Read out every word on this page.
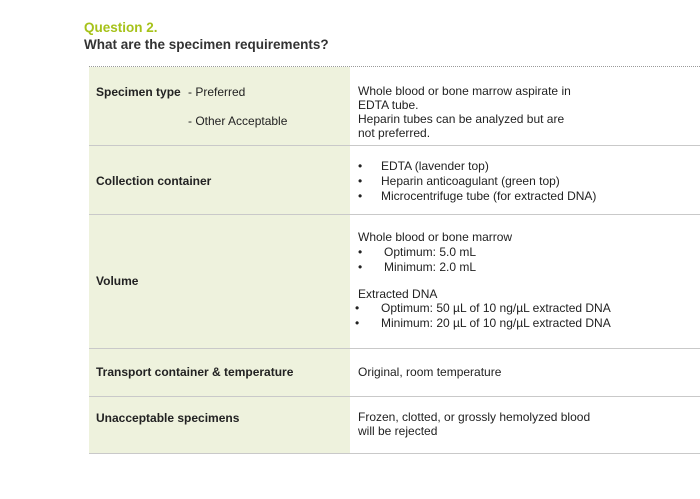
Question 2.
What are the specimen requirements?
Specimen type - Preferred
- Other Acceptable
Whole blood or bone marrow aspirate in
EDTA tube.
Heparin tubes can be analyzed but are
not preferred.
Collection container
• EDTA (lavender top)
• Heparin anticoagulant (green top)
• Microcentrifuge tube (for extracted DNA)
Volume
Whole blood or bone marrow
• Optimum: 5.0 mL
• Minimum: 2.0 mL
Extracted DNA
• Optimum: 50 µL of 10 ng/µL extracted DNA
• Minimum: 20 µL of 10 ng/µL extracted DNA
Transport container & temperature	Original, room temperature
Unacceptable specimens	Frozen, clotted, or grossly hemolyzed blood
will be rejected
